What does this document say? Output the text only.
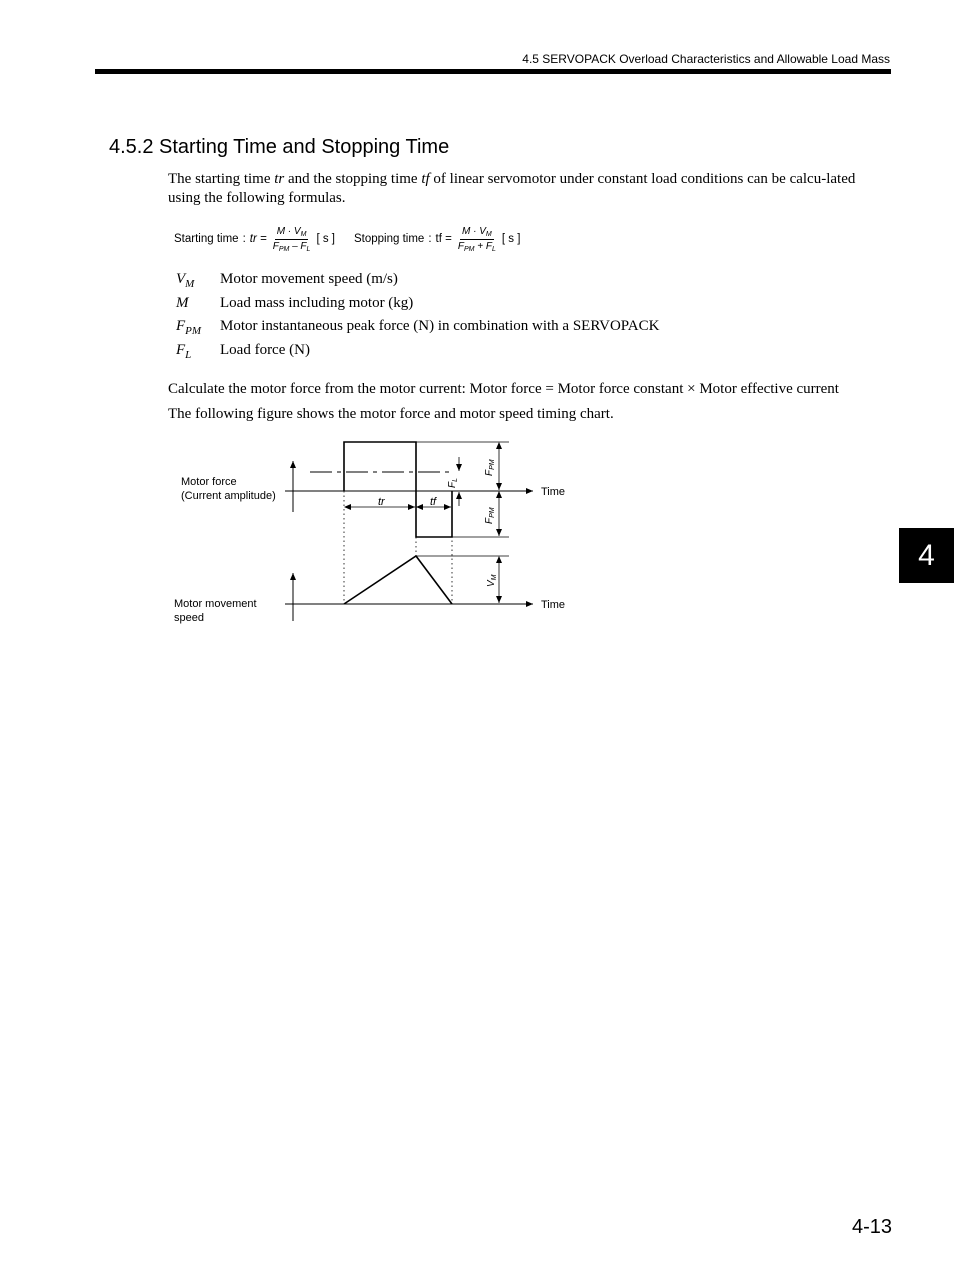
4.5 SERVOPACK Overload Characteristics and Allowable Load Mass
4.5.2 Starting Time and Stopping Time
The starting time tr and the stopping time tf of linear servomotor under constant load conditions can be calcu-lated using the following formulas.
Starting time : tr = $\frac{M \cdot V_M}{F_{PM} - F_L}$ [ s ] Stopping time : tf = $\frac{M \cdot V_M}{F_{PM} + F_L}$ [ s ]
$V_M$ Motor movement speed (m/s)
M Load mass including motor (kg)
$F_{PM}$ Motor instantaneous peak force (N) in combination with a SERVOPACK
$F_L$ Load force (N)
Calculate the motor force from the motor current: Motor force = Motor force constant × Motor effective current
The following figure shows the motor force and motor speed timing chart.
Motor force
(Current amplitude)
Motor movement
speed
Time
Time
tr	tf
$F_L$
$F_{PM}$
$F_{PM}$
$V_M$
4
4-13
